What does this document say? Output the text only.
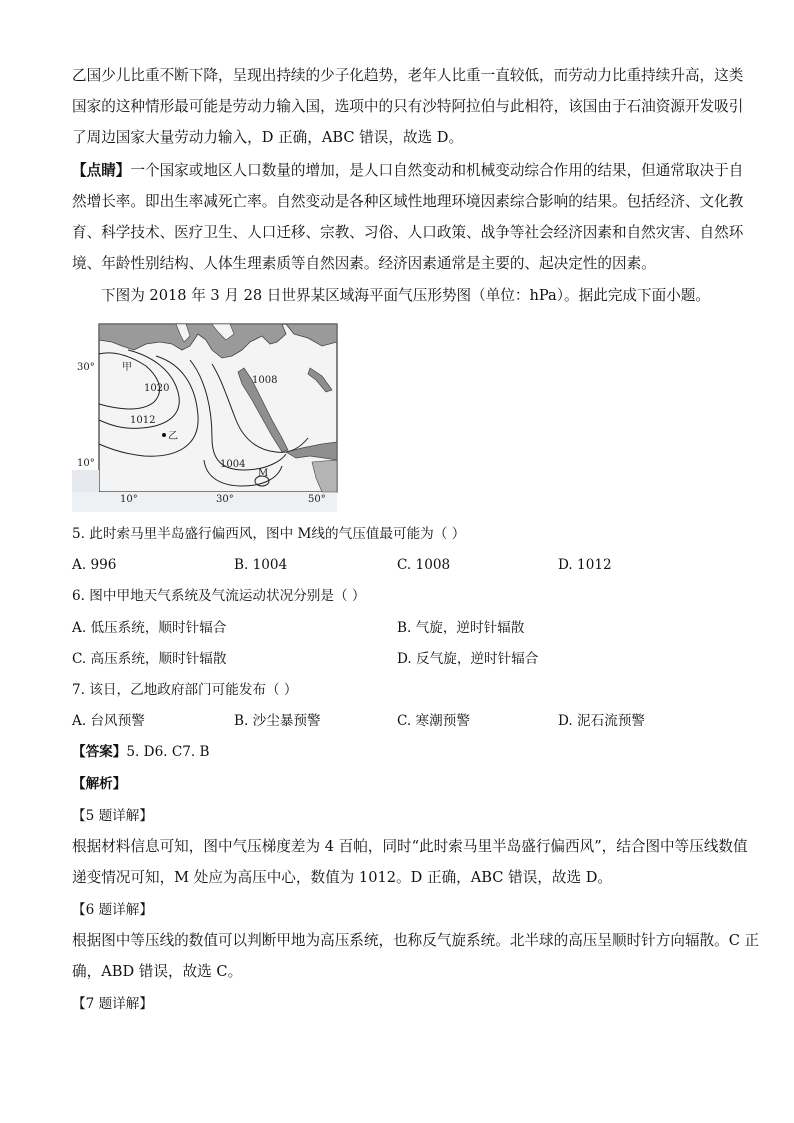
乙国少儿比重不断下降，呈现出持续的少子化趋势，老年人比重一直较低，而劳动力比重持续升高，这类
国家的这种情形最可能是劳动力输入国，选项中的只有沙特阿拉伯与此相符，该国由于石油资源开发吸引
了周边国家大量劳动力输入，D 正确，ABC 错误，故选 D。
【点睛】一个国家或地区人口数量的增加，是人口自然变动和机械变动综合作用的结果，但通常取决于自
然增长率。即出生率减死亡率。自然变动是各种区域性地理环境因素综合影响的结果。包括经济、文化教
育、科学技术、医疗卫生、人口迁移、宗教、习俗、人口政策、战争等社会经济因素和自然灾害、自然环
境、年龄性别结构、人体生理素质等自然因素。经济因素通常是主要的、起决定性的因素。
下图为 2018 年 3 月 28 日世界某区域海平面气压形势图（单位：hPa）。据此完成下面小题。
30°
10°
10°	30°	50°
甲
乙
M
1020
1012
1008
1004
5. 此时索马里半岛盛行偏西风，图中 M线的气压值最可能为（ ）
A. 996	B. 1004	C. 1008	D. 1012
6. 图中甲地天气系统及气流运动状况分别是（ ）
A. 低压系统，顺时针辐合	B. 气旋，逆时针辐散
C. 高压系统，顺时针辐散	D. 反气旋，逆时针辐合
7. 该日，乙地政府部门可能发布（ ）
A. 台风预警	B. 沙尘暴预警	C. 寒潮预警	D. 泥石流预警
【答案】5. D6. C7. B
【解析】
【5 题详解】
根据材料信息可知，图中气压梯度差为 4 百帕，同时“此时索马里半岛盛行偏西风”，结合图中等压线数值
递变情况可知，M 处应为高压中心，数值为 1012。D 正确，ABC 错误，故选 D。
【6 题详解】
根据图中等压线的数值可以判断甲地为高压系统，也称反气旋系统。北半球的高压呈顺时针方向辐散。C 正
确，ABD 错误，故选 C。
【7 题详解】
